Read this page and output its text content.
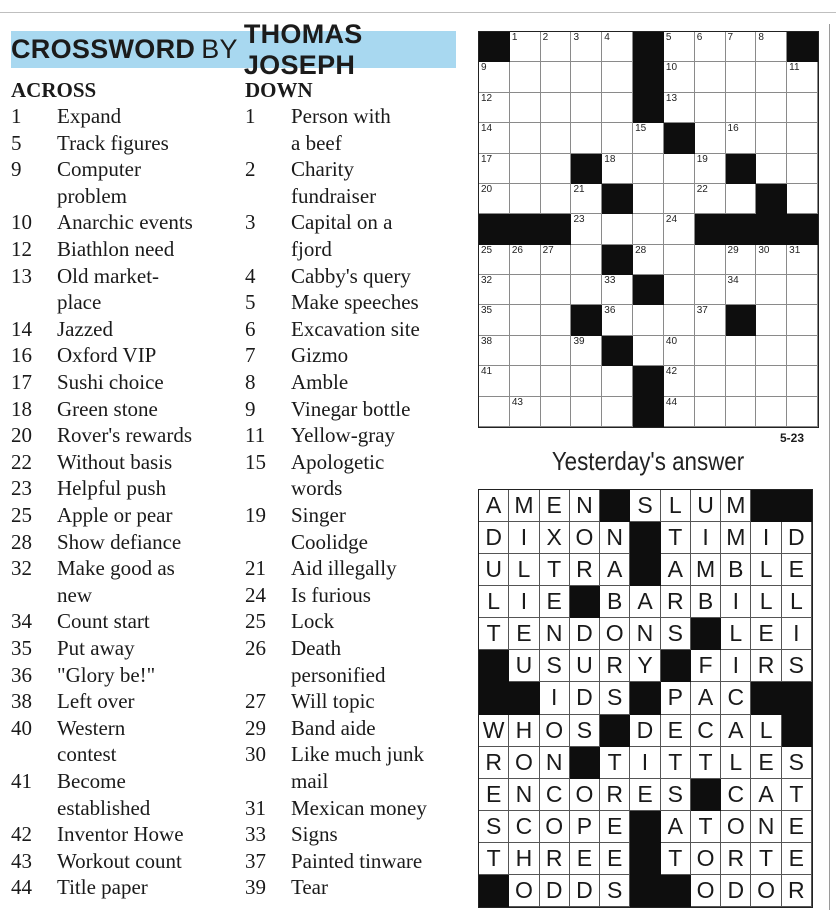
CROSSWORD BY
THOMAS JOSEPH
ACROSS	DOWN
1	Expand
5	Track figures
9	Computer
problem
10	Anarchic events
12	Biathlon need
13	Old market-
place
14	Jazzed
16	Oxford VIP
17	Sushi choice
18	Green stone
20	Rover's rewards
22	Without basis
23	Helpful push
25	Apple or pear
28	Show defiance
32	Make good as
new
34	Count start
35	Put away
36	"Glory be!"
38	Left over
40	Western
contest
41	Become
established
42	Inventor Howe
43	Workout count
44	Title paper
1	Person with
a beef
2	Charity
fundraiser
3	Capital on a
fjord
4	Cabby's query
5	Make speeches
6	Excavation site
7	Gizmo
8	Amble
9	Vinegar bottle
11	Yellow-gray
15	Apologetic
words
19	Singer
Coolidge
21	Aid illegally
24	Is furious
25	Lock
26	Death
personified
27	Will topic
29	Band aide
30	Like much junk
mail
31	Mexican money
33	Signs
37	Painted tinware
39	Tear
1	2	3	4	5	6	7	8
9	10	11
12	13
14	15	16
17	18	19
20	21	22
23	24
25 26 27	28	29 30 31
32	33	34
35	36	37
38	39	40
41	42
43	44
5-23
Yesterday's answer
A M E N	S L U M
D I X O N	T I M I D
U L T R A	A M B L E
L I E	B A R B I L L
T E N D O N S	L E I
U S U R Y	F I R S
I D S	P A C
W H O S	D E C A L
R O N	T I T T L E S
E N C O R E S	C A T
S C O P E	A T O N E
T H R E E	T O R T E
O D D S	O D O R
